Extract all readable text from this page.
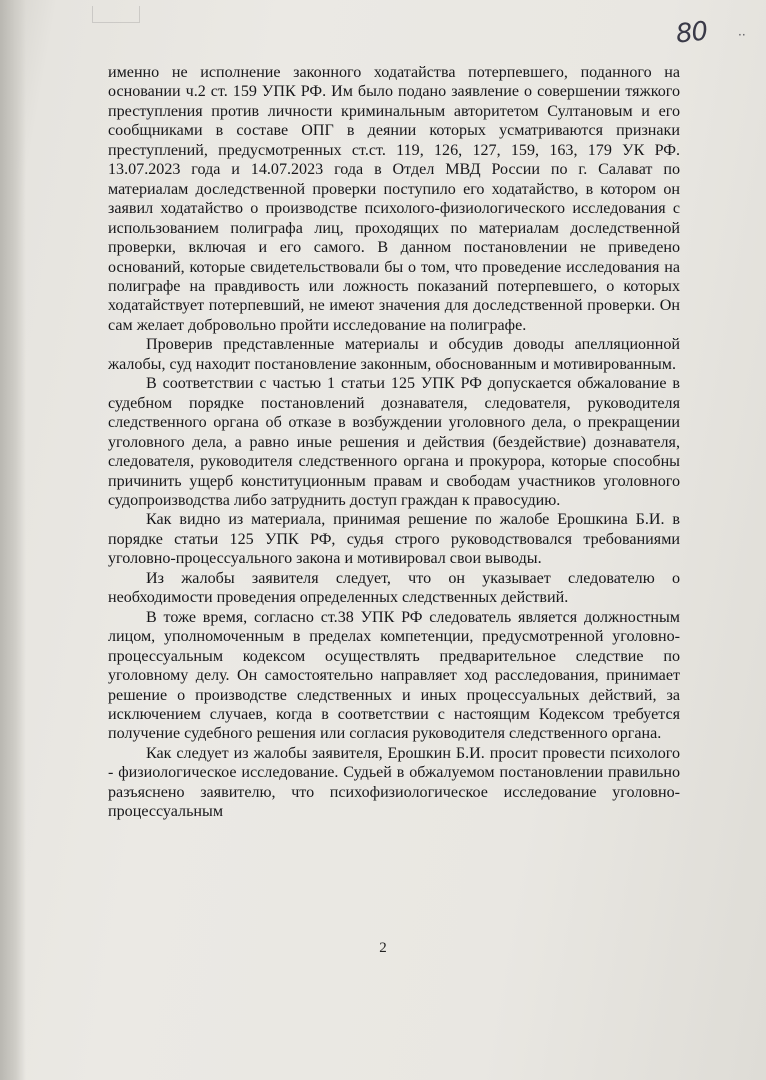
80 ··

именно не исполнение законного ходатайства потерпевшего, поданного на основании ч.2 ст. 159 УПК РФ. Им было подано заявление о совершении тяжкого преступления против личности криминальным авторитетом Султановым и его сообщниками в составе ОПГ в деянии которых усматриваются признаки преступлений, предусмотренных ст.ст. 119, 126, 127, 159, 163, 179 УК РФ. 13.07.2023 года и 14.07.2023 года в Отдел МВД России по г. Салават по материалам доследственной проверки поступило его ходатайство, в котором он заявил ходатайство о производстве психолого-физиологического исследования с использованием полиграфа лиц, проходящих по материалам доследственной проверки, включая и его самого. В данном постановлении не приведено оснований, которые свидетельствовали бы о том, что проведение исследования на полиграфе на правдивость или ложность показаний потерпевшего, о которых ходатайствует потерпевший, не имеют значения для доследственной проверки. Он сам желает добровольно пройти исследование на полиграфе.

Проверив представленные материалы и обсудив доводы апелляционной жалобы, суд находит постановление законным, обоснованным и мотивированным.

В соответствии с частью 1 статьи 125 УПК РФ допускается обжалование в судебном порядке постановлений дознавателя, следователя, руководителя следственного органа об отказе в возбуждении уголовного дела, о прекращении уголовного дела, а равно иные решения и действия (бездействие) дознавателя, следователя, руководителя следственного органа и прокурора, которые способны причинить ущерб конституционным правам и свободам участников уголовного судопроизводства либо затруднить доступ граждан к правосудию.

Как видно из материала, принимая решение по жалобе Ерошкина Б.И. в порядке статьи 125 УПК РФ, судья строго руководствовался требованиями уголовно-процессуального закона и мотивировал свои выводы.

Из жалобы заявителя следует, что он указывает следователю о необходимости проведения определенных следственных действий.

В тоже время, согласно ст.38 УПК РФ следователь является должностным лицом, уполномоченным в пределах компетенции, предусмотренной уголовно-процессуальным кодексом осуществлять предварительное следствие по уголовному делу. Он самостоятельно направляет ход расследования, принимает решение о производстве следственных и иных процессуальных действий, за исключением случаев, когда в соответствии с настоящим Кодексом требуется получение судебного решения или согласия руководителя следственного органа.

Как следует из жалобы заявителя, Ерошкин Б.И. просит провести психолого - физиологическое исследование. Судьей в обжалуемом постановлении правильно разъяснено заявителю, что психофизиологическое исследование уголовно-процессуальным

2
